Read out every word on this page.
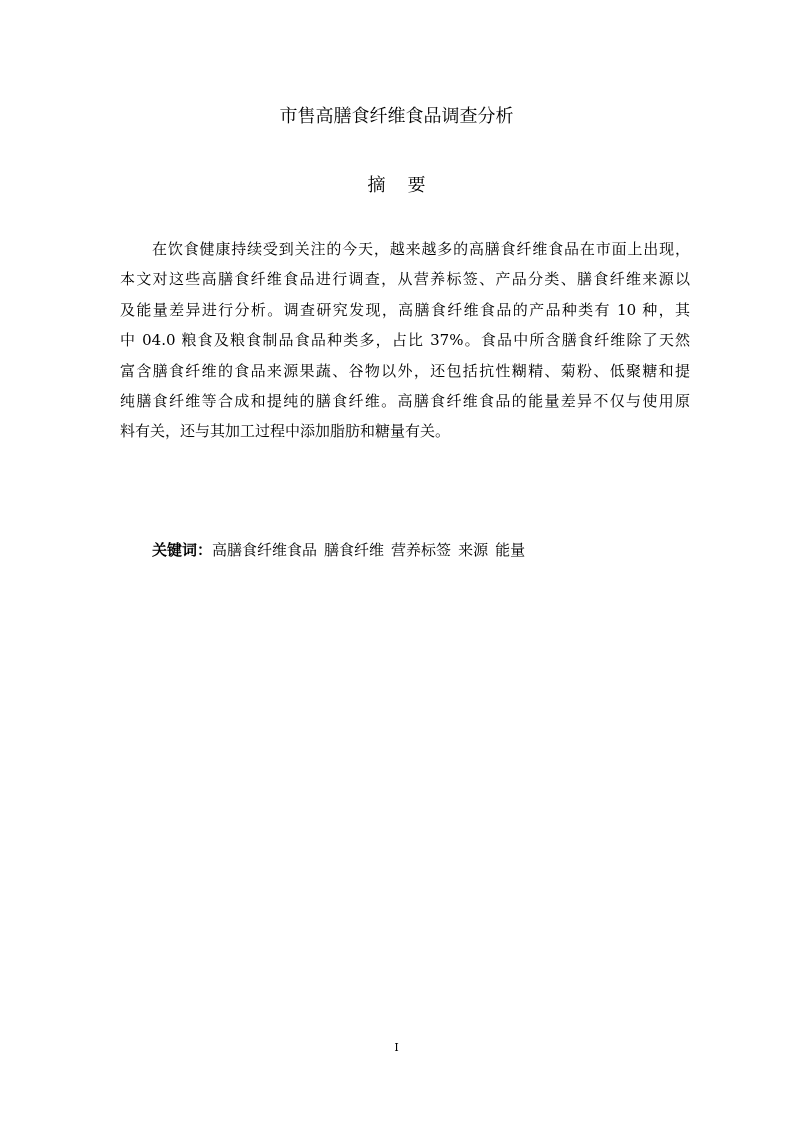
市售高膳食纤维食品调查分析
摘 要
在饮食健康持续受到关注的今天，越来越多的高膳食纤维食品在市面上出现，
本文对这些高膳食纤维食品进行调查，从营养标签、产品分类、膳食纤维来源以
及能量差异进行分析。调查研究发现，高膳食纤维食品的产品种类有 10 种，其
中 04.0 粮食及粮食制品食品种类多，占比 37%。食品中所含膳食纤维除了天然
富含膳食纤维的食品来源果蔬、谷物以外，还包括抗性糊精、菊粉、低聚糖和提
纯膳食纤维等合成和提纯的膳食纤维。高膳食纤维食品的能量差异不仅与使用原
料有关，还与其加工过程中添加脂肪和糖量有关。

关键词：高膳食纤维食品 膳食纤维 营养标签 来源 能量

I
